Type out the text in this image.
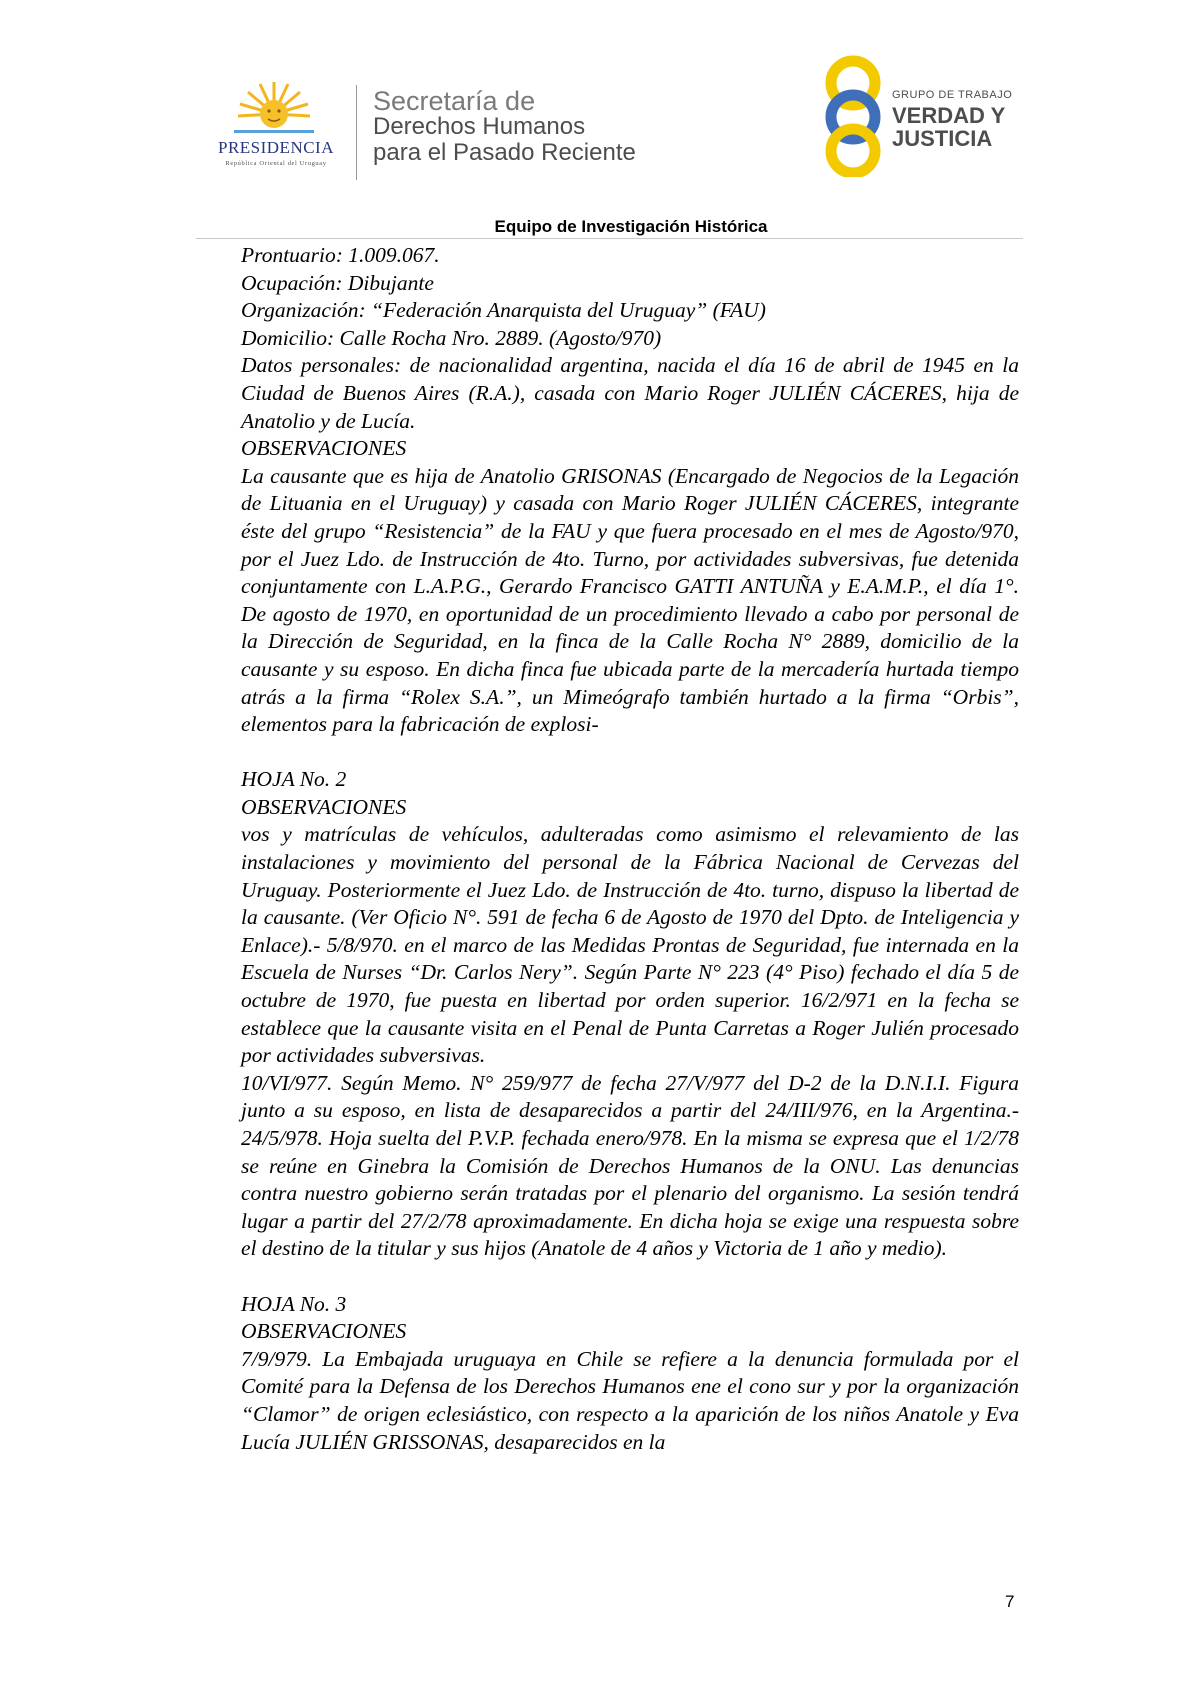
PRESIDENCIA
República Oriental del Uruguay
Secretaría de
Derechos Humanos
para el Pasado Reciente
GRUPO DE TRABAJO
VERDAD Y
JUSTICIA
Equipo de Investigación Histórica

Prontuario: 1.009.067.

Ocupación: Dibujante

Organización: “Federación Anarquista del Uruguay” (FAU)

Domicilio: Calle Rocha Nro. 2889. (Agosto/970)

Datos personales: de nacionalidad argentina, nacida el día 16 de abril de 1945 en la Ciudad de Buenos Aires (R.A.), casada con Mario Roger JULIÉN CÁCERES, hija de Anatolio y de Lucía.

OBSERVACIONES

La causante que es hija de Anatolio GRISONAS (Encargado de Negocios de la Legación de Lituania en el Uruguay) y casada con Mario Roger JULIÉN CÁCERES, integrante éste del grupo “Resistencia” de la FAU y que fuera procesado en el mes de Agosto/970, por el Juez Ldo. de Instrucción de 4to. Turno, por actividades subversivas, fue detenida conjuntamente con L.A.P.G., Gerardo Francisco GATTI ANTUÑA y E.A.M.P., el día 1°. De agosto de 1970, en oportunidad de un procedimiento llevado a cabo por personal de la Dirección de Seguridad, en la finca de la Calle Rocha N° 2889, domicilio de la causante y su esposo. En dicha finca fue ubicada parte de la mercadería hurtada tiempo atrás a la firma “Rolex S.A.”, un Mimeógrafo también hurtado a la firma “Orbis”, elementos para la fabricación de explosi-

HOJA No. 2

OBSERVACIONES

vos y matrículas de vehículos, adulteradas como asimismo el relevamiento de las instalaciones y movimiento del personal de la Fábrica Nacional de Cervezas del Uruguay. Posteriormente el Juez Ldo. de Instrucción de 4to. turno, dispuso la libertad de la causante. (Ver Oficio N°. 591 de fecha 6 de Agosto de 1970 del Dpto. de Inteligencia y Enlace).- 5/8/970. en el marco de las Medidas Prontas de Seguridad, fue internada en la Escuela de Nurses “Dr. Carlos Nery”. Según Parte N° 223 (4° Piso) fechado el día 5 de octubre de 1970, fue puesta en libertad por orden superior. 16/2/971 en la fecha se establece que la causante visita en el Penal de Punta Carretas a Roger Julién procesado por actividades subversivas.

10/VI/977. Según Memo. N° 259/977 de fecha 27/V/977 del D-2 de la D.N.I.I. Figura junto a su esposo, en lista de desaparecidos a partir del 24/III/976, en la Argentina.- 24/5/978. Hoja suelta del P.V.P. fechada enero/978. En la misma se expresa que el 1/2/78 se reúne en Ginebra la Comisión de Derechos Humanos de la ONU. Las denuncias contra nuestro gobierno serán tratadas por el plenario del organismo. La sesión tendrá lugar a partir del 27/2/78 aproximadamente. En dicha hoja se exige una respuesta sobre el destino de la titular y sus hijos (Anatole de 4 años y Victoria de 1 año y medio).

HOJA No. 3

OBSERVACIONES

7/9/979. La Embajada uruguaya en Chile se refiere a la denuncia formulada por el Comité para la Defensa de los Derechos Humanos ene el cono sur y por la organización “Clamor” de origen eclesiástico, con respecto a la aparición de los niños Anatole y Eva Lucía JULIÉN GRISSONAS, desaparecidos en la

7
